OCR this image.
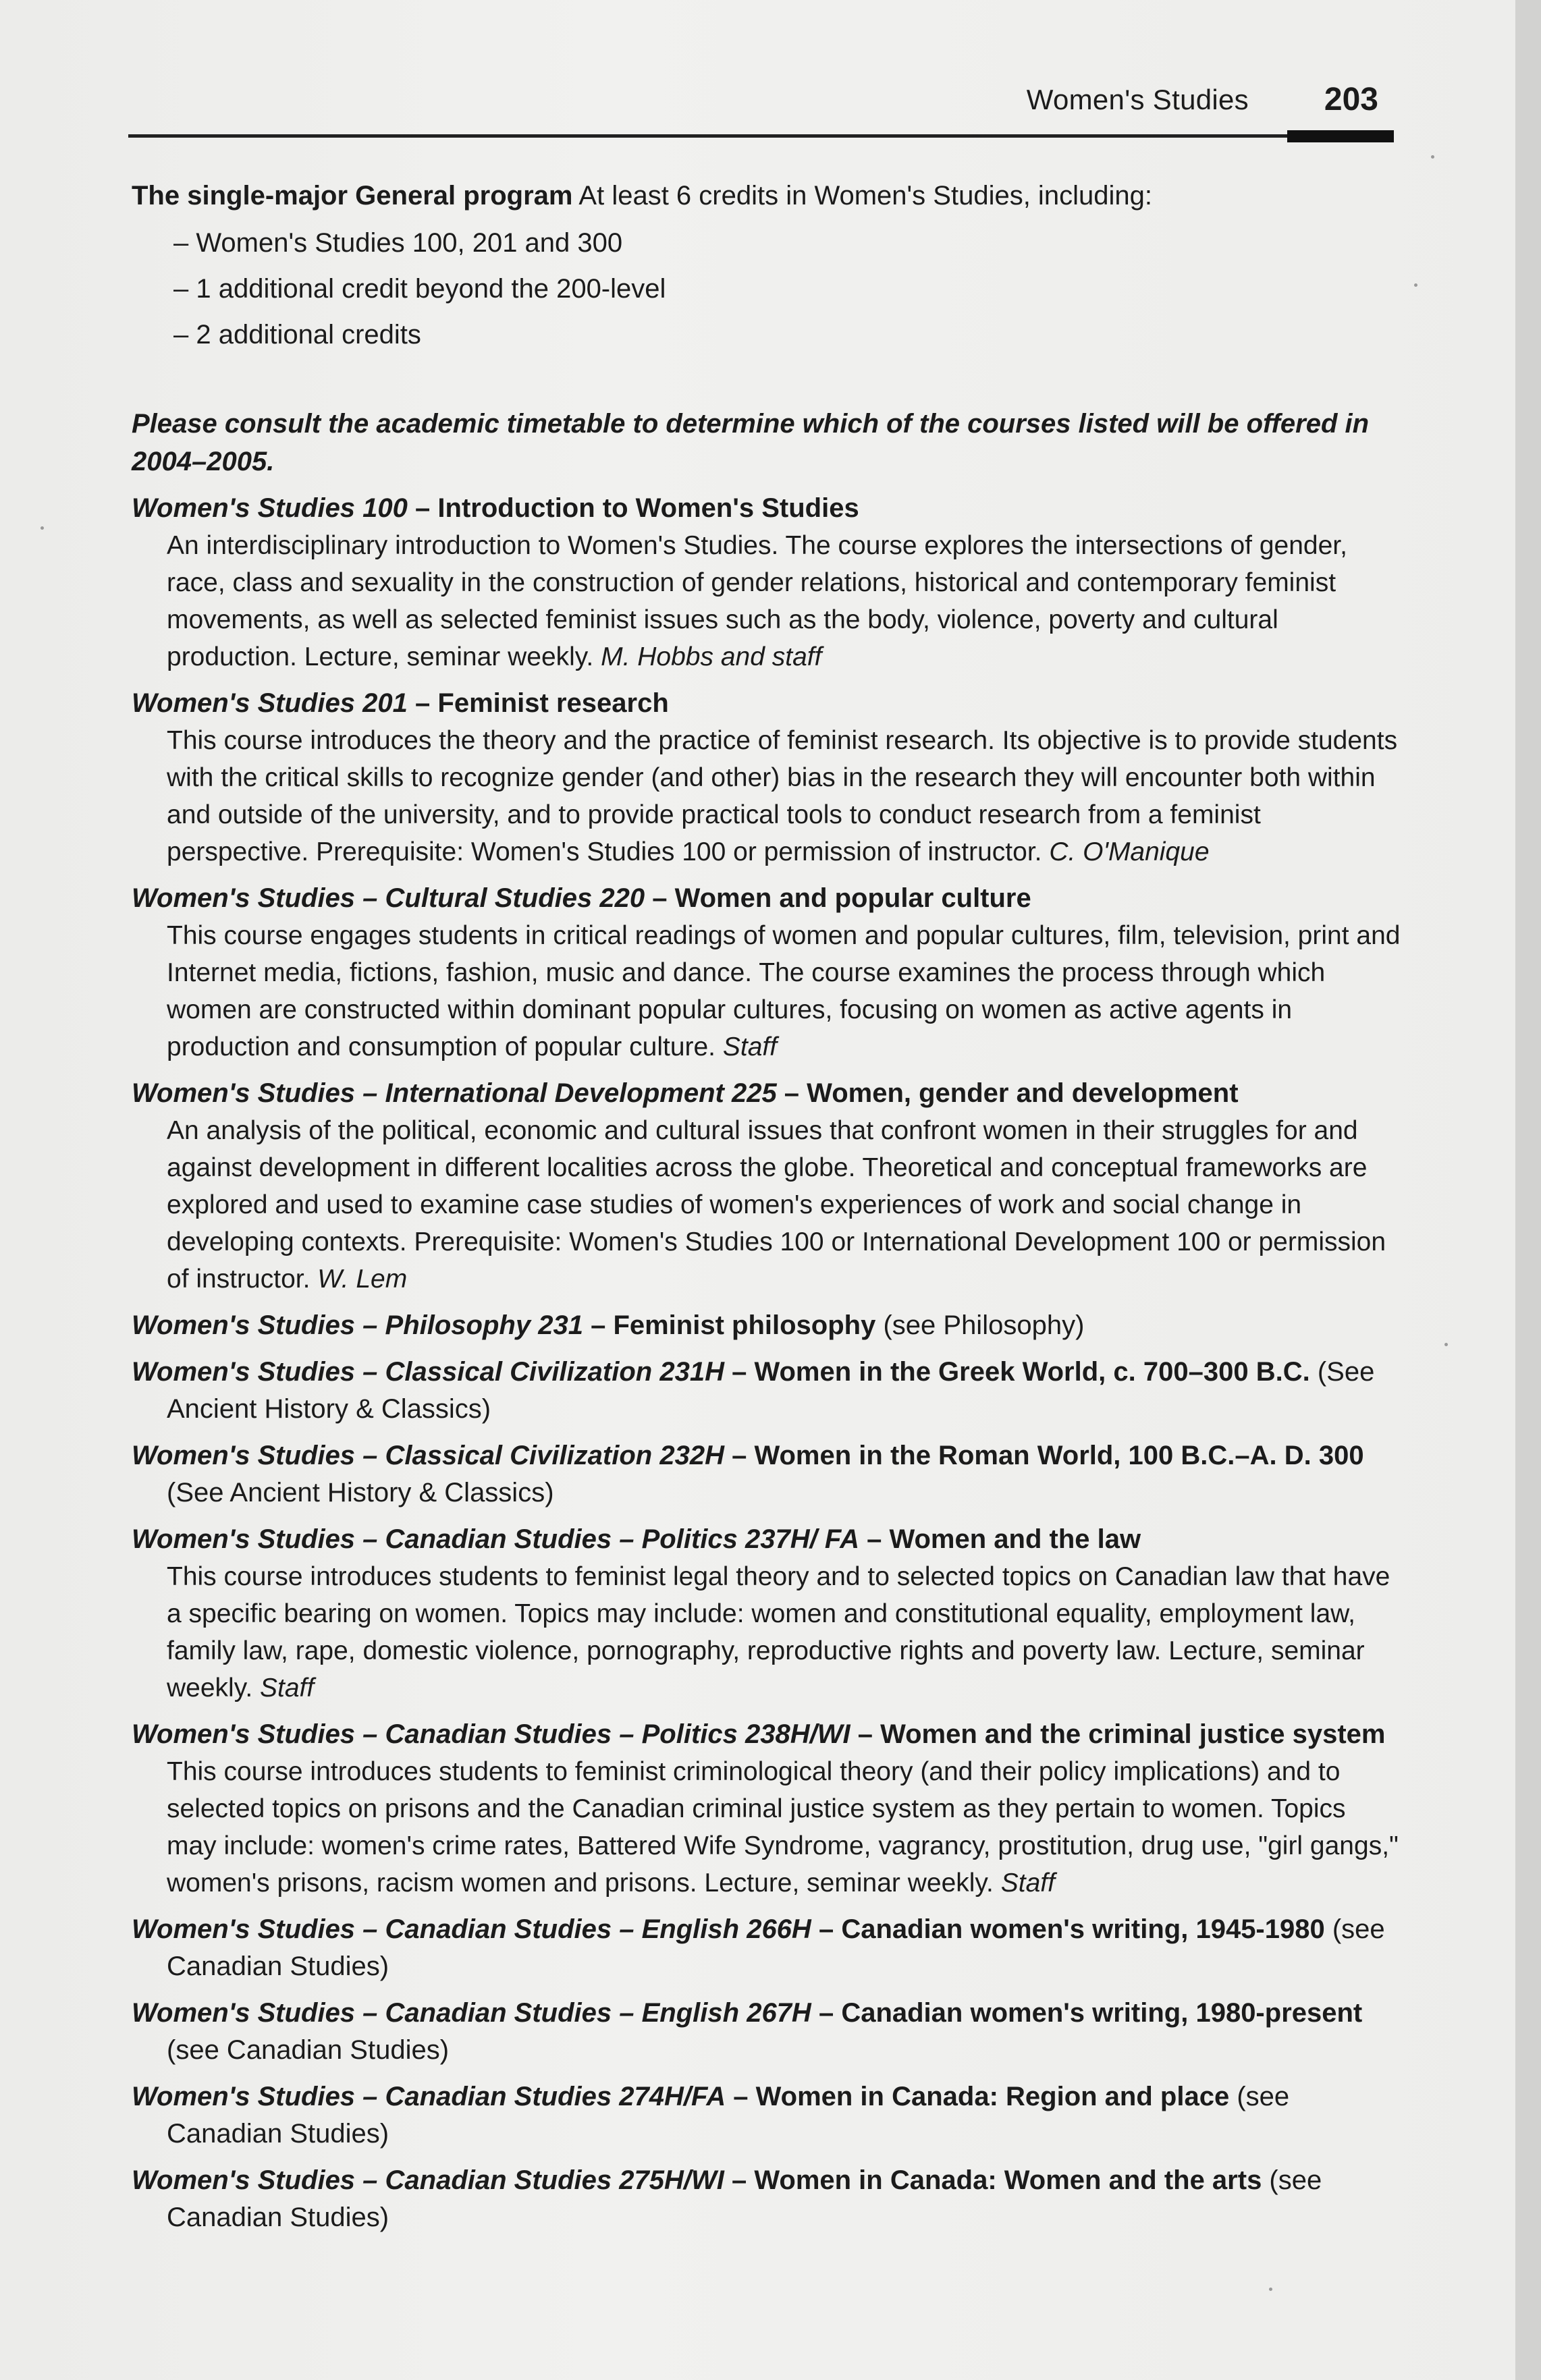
Women's Studies 203
The single-major General program At least 6 credits in Women's Studies, including:
– Women's Studies 100, 201 and 300
– 1 additional credit beyond the 200-level
– 2 additional credits
Please consult the academic timetable to determine which of the courses listed will be offered in 2004–2005.
Women's Studies 100 – Introduction to Women's Studies
An interdisciplinary introduction to Women's Studies. The course explores the intersections of gender, race, class and sexuality in the construction of gender relations, historical and contemporary feminist movements, as well as selected feminist issues such as the body, violence, poverty and cultural production. Lecture, seminar weekly. M. Hobbs and staff
Women's Studies 201 – Feminist research
This course introduces the theory and the practice of feminist research. Its objective is to provide students with the critical skills to recognize gender (and other) bias in the research they will encounter both within and outside of the university, and to provide practical tools to conduct research from a feminist perspective. Prerequisite: Women's Studies 100 or permission of instructor. C. O'Manique
Women's Studies – Cultural Studies 220 – Women and popular culture
This course engages students in critical readings of women and popular cultures, film, television, print and Internet media, fictions, fashion, music and dance. The course examines the process through which women are constructed within dominant popular cultures, focusing on women as active agents in production and consumption of popular culture. Staff
Women's Studies – International Development 225 – Women, gender and development
An analysis of the political, economic and cultural issues that confront women in their struggles for and against development in different localities across the globe. Theoretical and conceptual frameworks are explored and used to examine case studies of women's experiences of work and social change in developing contexts. Prerequisite: Women's Studies 100 or International Development 100 or permission of instructor. W. Lem
Women's Studies – Philosophy 231 – Feminist philosophy (see Philosophy)
Women's Studies – Classical Civilization 231H – Women in the Greek World, c. 700–300 B.C. (See Ancient History & Classics)
Women's Studies – Classical Civilization 232H – Women in the Roman World, 100 B.C.–A. D. 300 (See Ancient History & Classics)
Women's Studies – Canadian Studies – Politics 237H/ FA – Women and the law
This course introduces students to feminist legal theory and to selected topics on Canadian law that have a specific bearing on women. Topics may include: women and constitutional equality, employment law, family law, rape, domestic violence, pornography, reproductive rights and poverty law. Lecture, seminar weekly. Staff
Women's Studies – Canadian Studies – Politics 238H/WI – Women and the criminal justice system
This course introduces students to feminist criminological theory (and their policy implications) and to selected topics on prisons and the Canadian criminal justice system as they pertain to women. Topics may include: women's crime rates, Battered Wife Syndrome, vagrancy, prostitution, drug use, "girl gangs," women's prisons, racism women and prisons. Lecture, seminar weekly. Staff
Women's Studies – Canadian Studies – English 266H – Canadian women's writing, 1945-1980 (see Canadian Studies)
Women's Studies – Canadian Studies – English 267H – Canadian women's writing, 1980-present (see Canadian Studies)
Women's Studies – Canadian Studies 274H/FA – Women in Canada: Region and place (see Canadian Studies)
Women's Studies – Canadian Studies 275H/WI – Women in Canada: Women and the arts (see Canadian Studies)
